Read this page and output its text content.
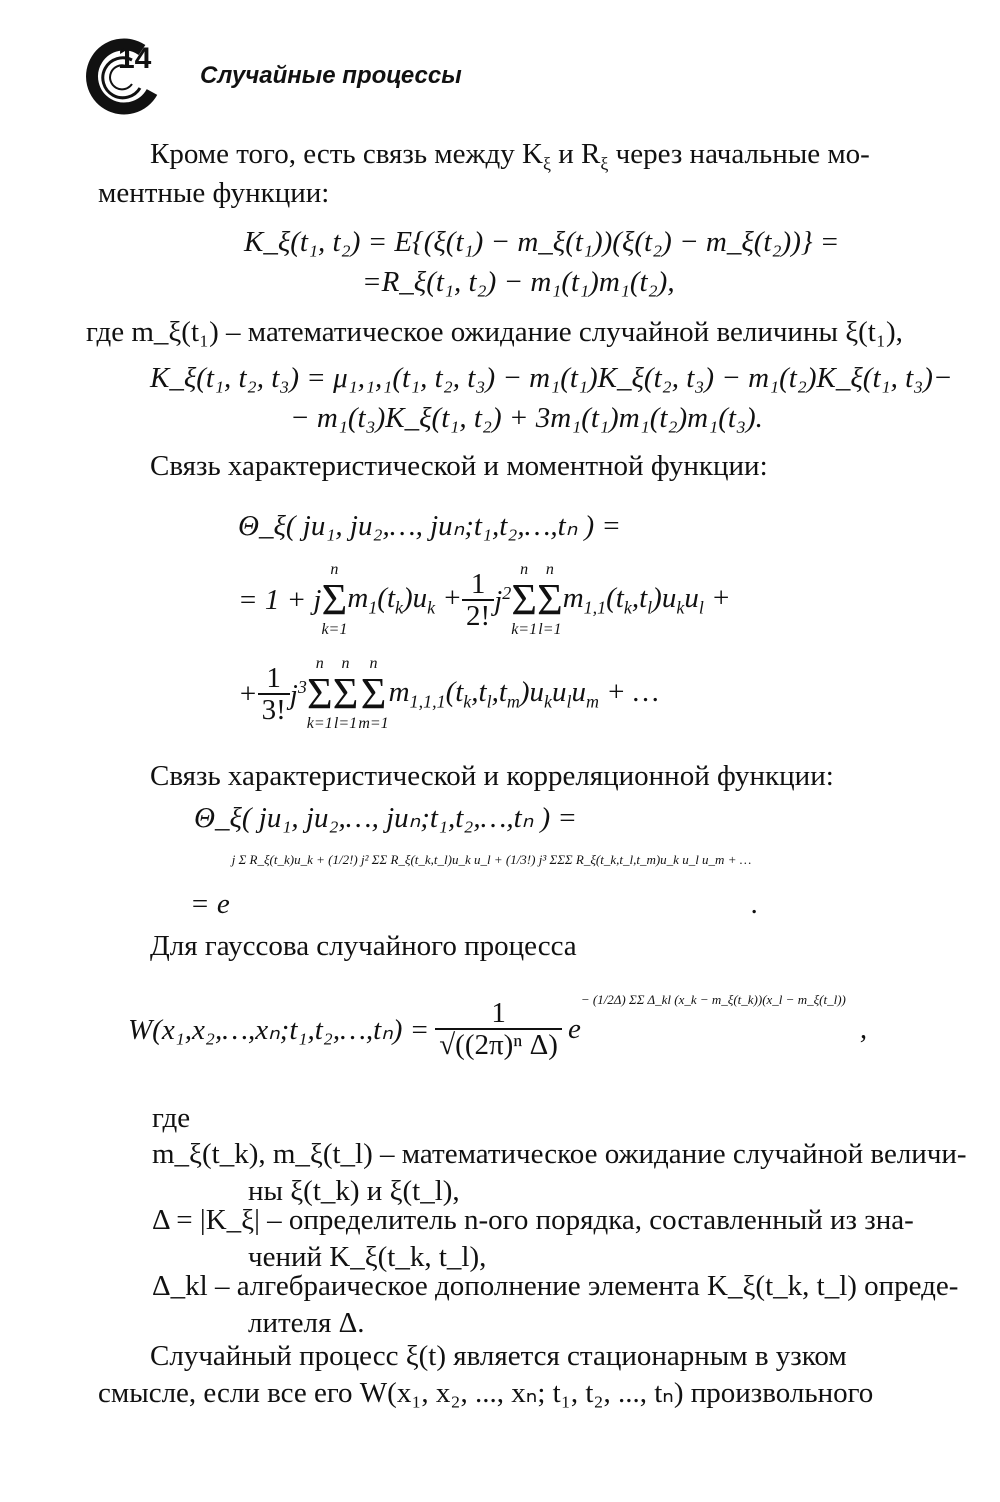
14
Случайные процессы

Кроме того, есть связь между $K_\xi$ и $R_\xi$ через начальные мо-

ментные функции:

K_ξ(t₁, t₂) = E{(ξ(t₁) − m_ξ(t₁))(ξ(t₂) − m_ξ(t₂))} =
=R_ξ(t₁, t₂) − m₁(t₁)m₁(t₂),
где m_ξ(t₁) – математическое ожидание случайной величины ξ(t₁),
K_ξ(t₁, t₂, t₃) = μ₁,₁,₁(t₁, t₂, t₃) − m₁(t₁)K_ξ(t₂, t₃) − m₁(t₂)K_ξ(t₁, t₃)−
− m₁(t₃)K_ξ(t₁, t₂) + 3m₁(t₁)m₁(t₂)m₁(t₃).
Связь характеристической и моментной функции:
Θ_ξ( ju₁, ju₂,…, juₙ;t₁,t₂,…,tₙ ) =
= 1 + j
n
Σ
k=1
$m_1(t_k)u_k + \frac{1}{2!} j^2$
n
Σ
k=1
n
Σ
l=1
$m_{1,1}(t_k,t_l)u_ku_l$ +
+ $\frac{1}{3!} j^3$
n
Σ
k=1
n
Σ
l=1
n
Σ
m=1
$m_{1,1,1}(t_k,t_l,t_m)u_ku_lu_m$ + …
Связь характеристической и корреляционной функции:
Θ_ξ( ju₁, ju₂,…, juₙ;t₁,t₂,…,tₙ ) =
= e
j Σ R_ξ(t_k)u_k + (1/2!) j² ΣΣ R_ξ(t_k,t_l)u_k u_l + (1/3!) j³ ΣΣΣ R_ξ(t_k,t_l,t_m)u_k u_l u_m + …
.
Для гауссова случайного процесса
W(x₁,x₂,…,xₙ;t₁,t₂,…,tₙ) = $\frac{1}{\text{√((2π)ⁿ Δ)}}$ e
− (1/2Δ) ΣΣ Δ_kl (x_k − m_ξ(t_k))(x_l − m_ξ(t_l))
,
где
m_ξ(t_k), m_ξ(t_l) – математическое ожидание случайной величи-
ны ξ(t_k) и ξ(t_l),
Δ = |K_ξ| – определитель n-ого порядка, составленный из зна-
чений K_ξ(t_k, t_l),
Δ_kl – алгебраическое дополнение элемента K_ξ(t_k, t_l) опреде-
лителя Δ.

Случайный процесс ξ(t) является стационарным в узком

смысле, если все его W(x₁, x₂, ..., xₙ; t₁, t₂, ..., tₙ) произвольного
